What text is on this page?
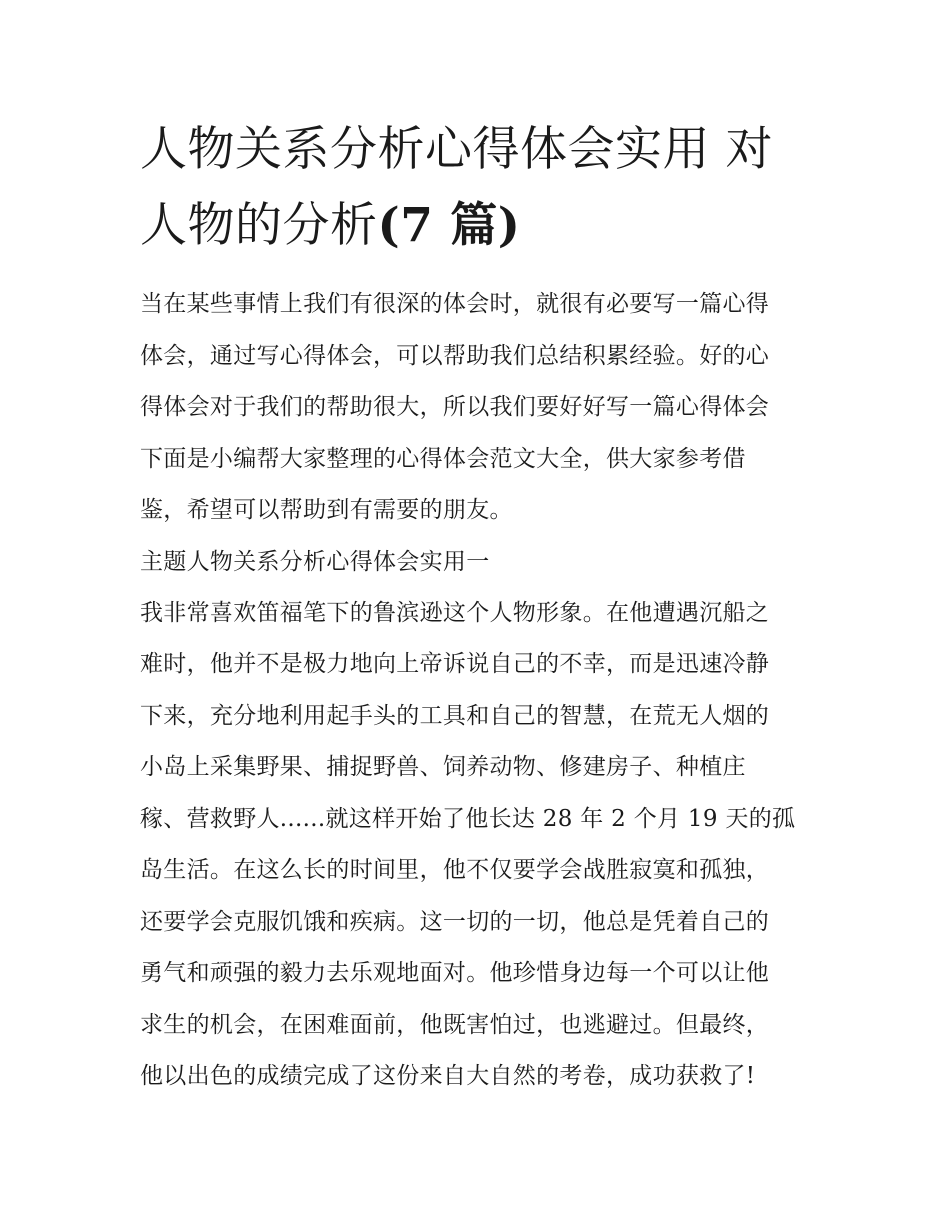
人物关系分析心得体会实用 对
人物的分析(7 篇)
当在某些事情上我们有很深的体会时，就很有必要写一篇心得
体会，通过写心得体会，可以帮助我们总结积累经验。好的心
得体会对于我们的帮助很大，所以我们要好好写一篇心得体会
下面是小编帮大家整理的心得体会范文大全，供大家参考借
鉴，希望可以帮助到有需要的朋友。
主题人物关系分析心得体会实用一
我非常喜欢笛福笔下的鲁滨逊这个人物形象。在他遭遇沉船之
难时，他并不是极力地向上帝诉说自己的不幸，而是迅速冷静
下来，充分地利用起手头的工具和自己的智慧，在荒无人烟的
小岛上采集野果、捕捉野兽、饲养动物、修建房子、种植庄
稼、营救野人......就这样开始了他长达 28 年 2 个月 19 天的孤
岛生活。在这么长的时间里，他不仅要学会战胜寂寞和孤独，
还要学会克服饥饿和疾病。这一切的一切，他总是凭着自己的
勇气和顽强的毅力去乐观地面对。他珍惜身边每一个可以让他
求生的机会，在困难面前，他既害怕过，也逃避过。但最终，
他以出色的成绩完成了这份来自大自然的考卷，成功获救了!
